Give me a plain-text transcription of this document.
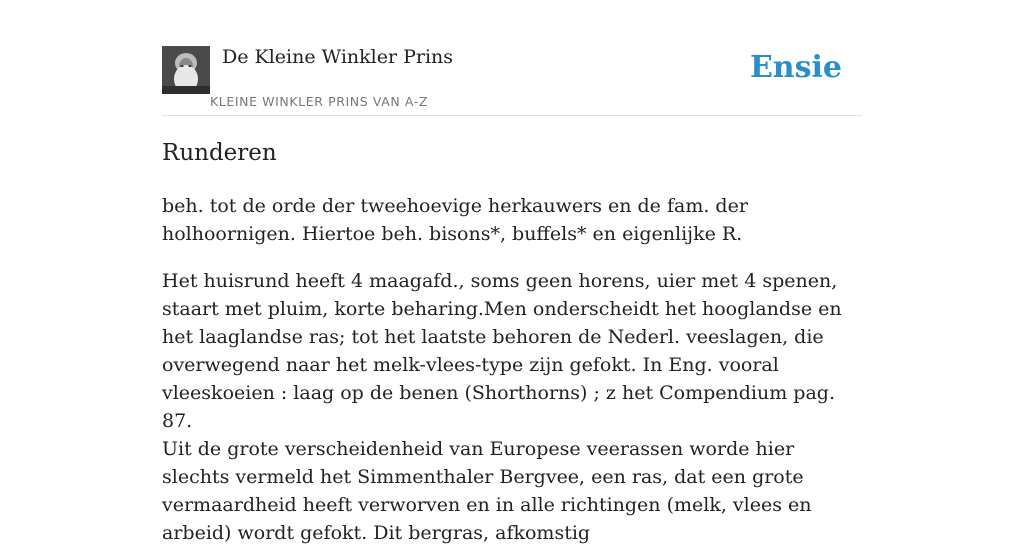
De Kleine Winkler Prins
KLEINE WINKLER PRINS VAN A-Z
Ensie
Runderen

beh. tot de orde der tweehoevige herkauwers en de fam. der holhoornigen. Hiertoe beh. bisons*, buffels* en eigenlijke R.

Het huisrund heeft 4 maagafd., soms geen horens, uier met 4 spenen, staart met pluim, korte beharing.Men onderscheidt het hooglandse en het laaglandse ras; tot het laatste behoren de Nederl. veeslagen, die overwegend naar het melk-vlees-type zijn gefokt. In Eng. vooral vleeskoeien : laag op de benen (Shorthorns) ; z het Compendium pag. 87.

Uit de grote verscheidenheid van Europese veerassen worde hier slechts vermeld het Simmenthaler Bergvee, een ras, dat een grote vermaardheid heeft verworven en in alle richtingen (melk, vlees en arbeid) wordt gefokt. Dit bergras, afkomstig
